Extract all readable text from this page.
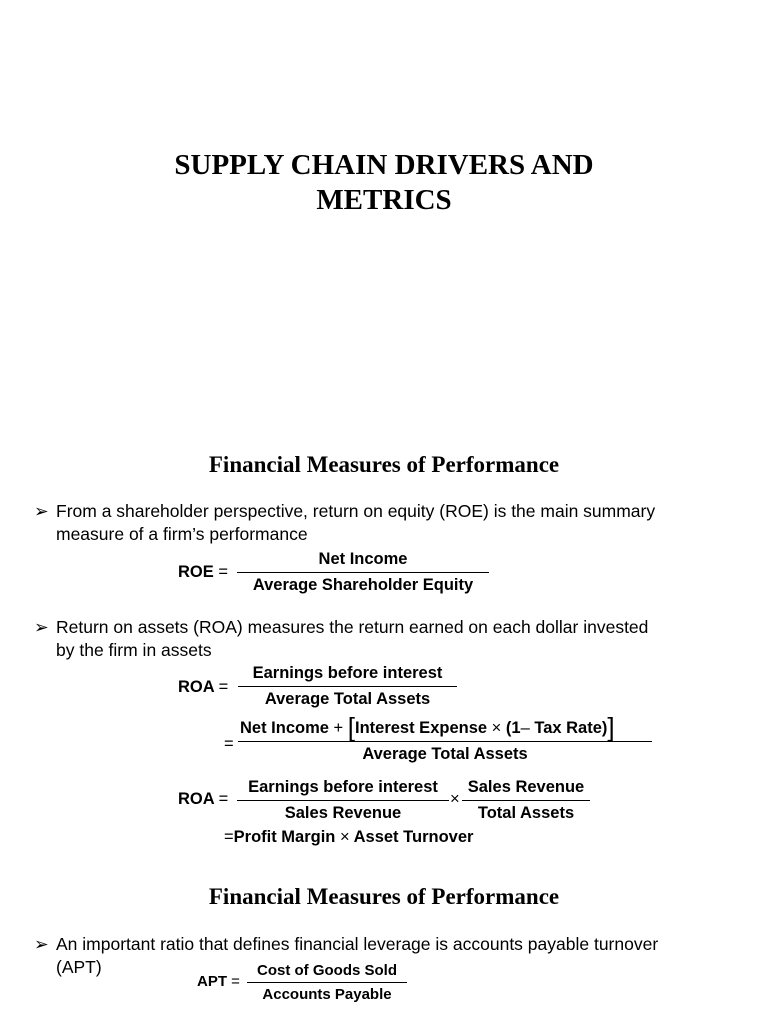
SUPPLY CHAIN DRIVERS AND
METRICS
Financial Measures of Performance
➢ From a shareholder perspective, return on equity (ROE) is the main summary
measure of a firm’s performance
ROE =
Net Income
Average Shareholder Equity
➢ Return on assets (ROA) measures the return earned on each dollar invested
by the firm in assets
ROA =
Earnings before interest
Average Total Assets
=
Net Income + [Interest Expense × (1– Tax Rate)]
Average Total Assets
ROA =
Earnings before interest
Sales Revenue
×
Sales Revenue
Total Assets
=Profit Margin × Asset Turnover
Financial Measures of Performance
➢ An important ratio that defines financial leverage is accounts payable turnover
(APT)
APT =
Cost of Goods Sold
Accounts Payable
